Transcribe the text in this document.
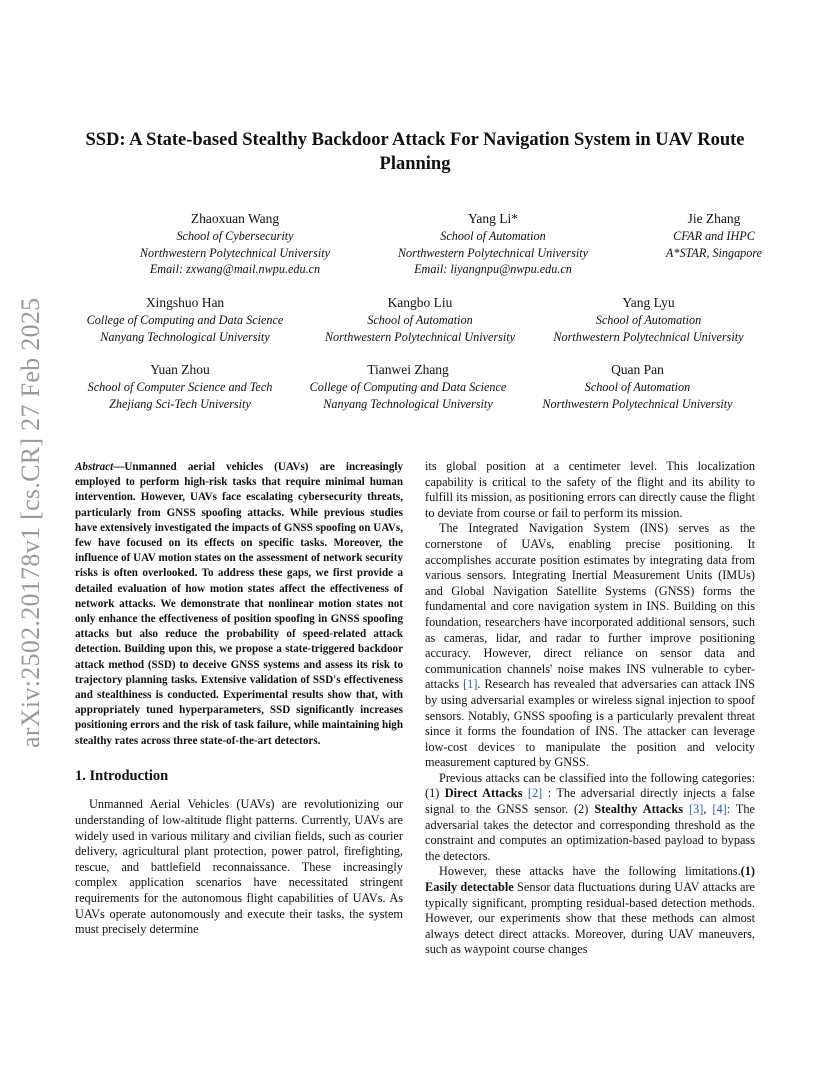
arXiv:2502.20178v1 [cs.CR] 27 Feb 2025
SSD: A State-based Stealthy Backdoor Attack For Navigation System in UAV Route Planning
Zhaoxuan Wang
School of Cybersecurity
Northwestern Polytechnical University
Email: zxwang@mail.nwpu.edu.cn
Yang Li*
School of Automation
Northwestern Polytechnical University
Email: liyangnpu@nwpu.edu.cn
Jie Zhang
CFAR and IHPC
A*STAR, Singapore
Xingshuo Han
College of Computing and Data Science
Nanyang Technological University
Kangbo Liu
School of Automation
Northwestern Polytechnical University
Yang Lyu
School of Automation
Northwestern Polytechnical University
Yuan Zhou
School of Computer Science and Tech
Zhejiang Sci-Tech University
Tianwei Zhang
College of Computing and Data Science
Nanyang Technological University
Quan Pan
School of Automation
Northwestern Polytechnical University

Abstract—Unmanned aerial vehicles (UAVs) are increasingly employed to perform high-risk tasks that require minimal human intervention. However, UAVs face escalating cybersecurity threats, particularly from GNSS spoofing attacks. While previous studies have extensively investigated the impacts of GNSS spoofing on UAVs, few have focused on its effects on specific tasks. Moreover, the influence of UAV motion states on the assessment of network security risks is often overlooked. To address these gaps, we first provide a detailed evaluation of how motion states affect the effectiveness of network attacks. We demonstrate that nonlinear motion states not only enhance the effectiveness of position spoofing in GNSS spoofing attacks but also reduce the probability of speed-related attack detection. Building upon this, we propose a state-triggered backdoor attack method (SSD) to deceive GNSS systems and assess its risk to trajectory planning tasks. Extensive validation of SSD's effectiveness and stealthiness is conducted. Experimental results show that, with appropriately tuned hyperparameters, SSD significantly increases positioning errors and the risk of task failure, while maintaining high stealthy rates across three state-of-the-art detectors.

1. Introduction

Unmanned Aerial Vehicles (UAVs) are revolutionizing our understanding of low-altitude flight patterns. Currently, UAVs are widely used in various military and civilian fields, such as courier delivery, agricultural plant protection, power patrol, firefighting, rescue, and battlefield reconnaissance. These increasingly complex application scenarios have necessitated stringent requirements for the autonomous flight capabilities of UAVs. As UAVs operate autonomously and execute their tasks, the system must precisely determine

its global position at a centimeter level. This localization capability is critical to the safety of the flight and its ability to fulfill its mission, as positioning errors can directly cause the flight to deviate from course or fail to perform its mission.

The Integrated Navigation System (INS) serves as the cornerstone of UAVs, enabling precise positioning. It accomplishes accurate position estimates by integrating data from various sensors. Integrating Inertial Measurement Units (IMUs) and Global Navigation Satellite Systems (GNSS) forms the fundamental and core navigation system in INS. Building on this foundation, researchers have incorporated additional sensors, such as cameras, lidar, and radar to further improve positioning accuracy. However, direct reliance on sensor data and communication channels' noise makes INS vulnerable to cyber-attacks [1]. Research has revealed that adversaries can attack INS by using adversarial examples or wireless signal injection to spoof sensors. Notably, GNSS spoofing is a particularly prevalent threat since it forms the foundation of INS. The attacker can leverage low-cost devices to manipulate the position and velocity measurement captured by GNSS.

Previous attacks can be classified into the following categories:(1) Direct Attacks [2] : The adversarial directly injects a false signal to the GNSS sensor. (2) Stealthy Attacks [3], [4]: The adversarial takes the detector and corresponding threshold as the constraint and computes an optimization-based payload to bypass the detectors.

However, these attacks have the following limitations.(1) Easily detectable Sensor data fluctuations during UAV attacks are typically significant, prompting residual-based detection methods. However, our experiments show that these methods can almost always detect direct attacks. Moreover, during UAV maneuvers, such as waypoint course changes
